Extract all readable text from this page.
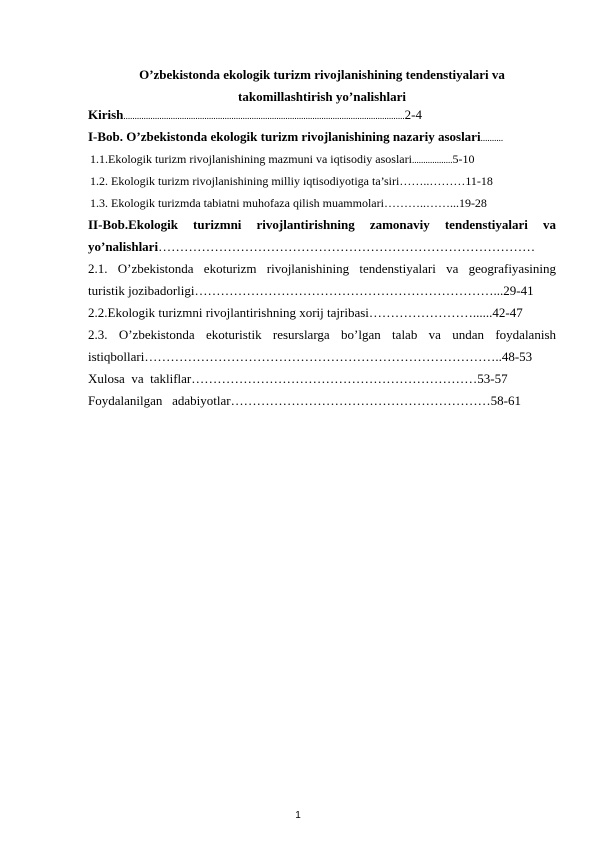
O’zbekistonda ekologik turizm rivojlanishining tendenstiyalari va
takomillashtirish yo’nalishlari
Kirish.............................................................................................................................2-4
I-Bob. O’zbekistonda ekologik turizm rivojlanishining nazariy asoslari..........
1.1.Ekologik turizm rivojlanishining mazmuni va iqtisodiy asoslari..................5-10
1.2. Ekologik turizm rivojlanishining milliy iqtisodiyotiga ta’siri……..………11-18
1.3. Ekologik turizmda tabiatni muhofaza qilish muammolari………..……...19-28
II-Bob.Ekologik turizmni rivojlantirishning zamonaviy tendenstiyalari va
yo’nalishlari……………………………………………………………………………
2.1. O’zbekistonda ekoturizm rivojlanishining tendenstiyalari va geografiyasining
turistik jozibadorligi……………………………………………………………...29-41
2.2.Ekologik turizmni rivojlantirishning xorij tajribasi……………………......42-47
2.3. O’zbekistonda ekoturistik resurslarga bo’lgan talab va undan foydalanish
istiqbollari………………………………………………………………………..48-53
Xulosa  va  takliflar…………………………………………………………53-57
Foydalanilgan   adabiyotlar……………………………………………………58-61
1
